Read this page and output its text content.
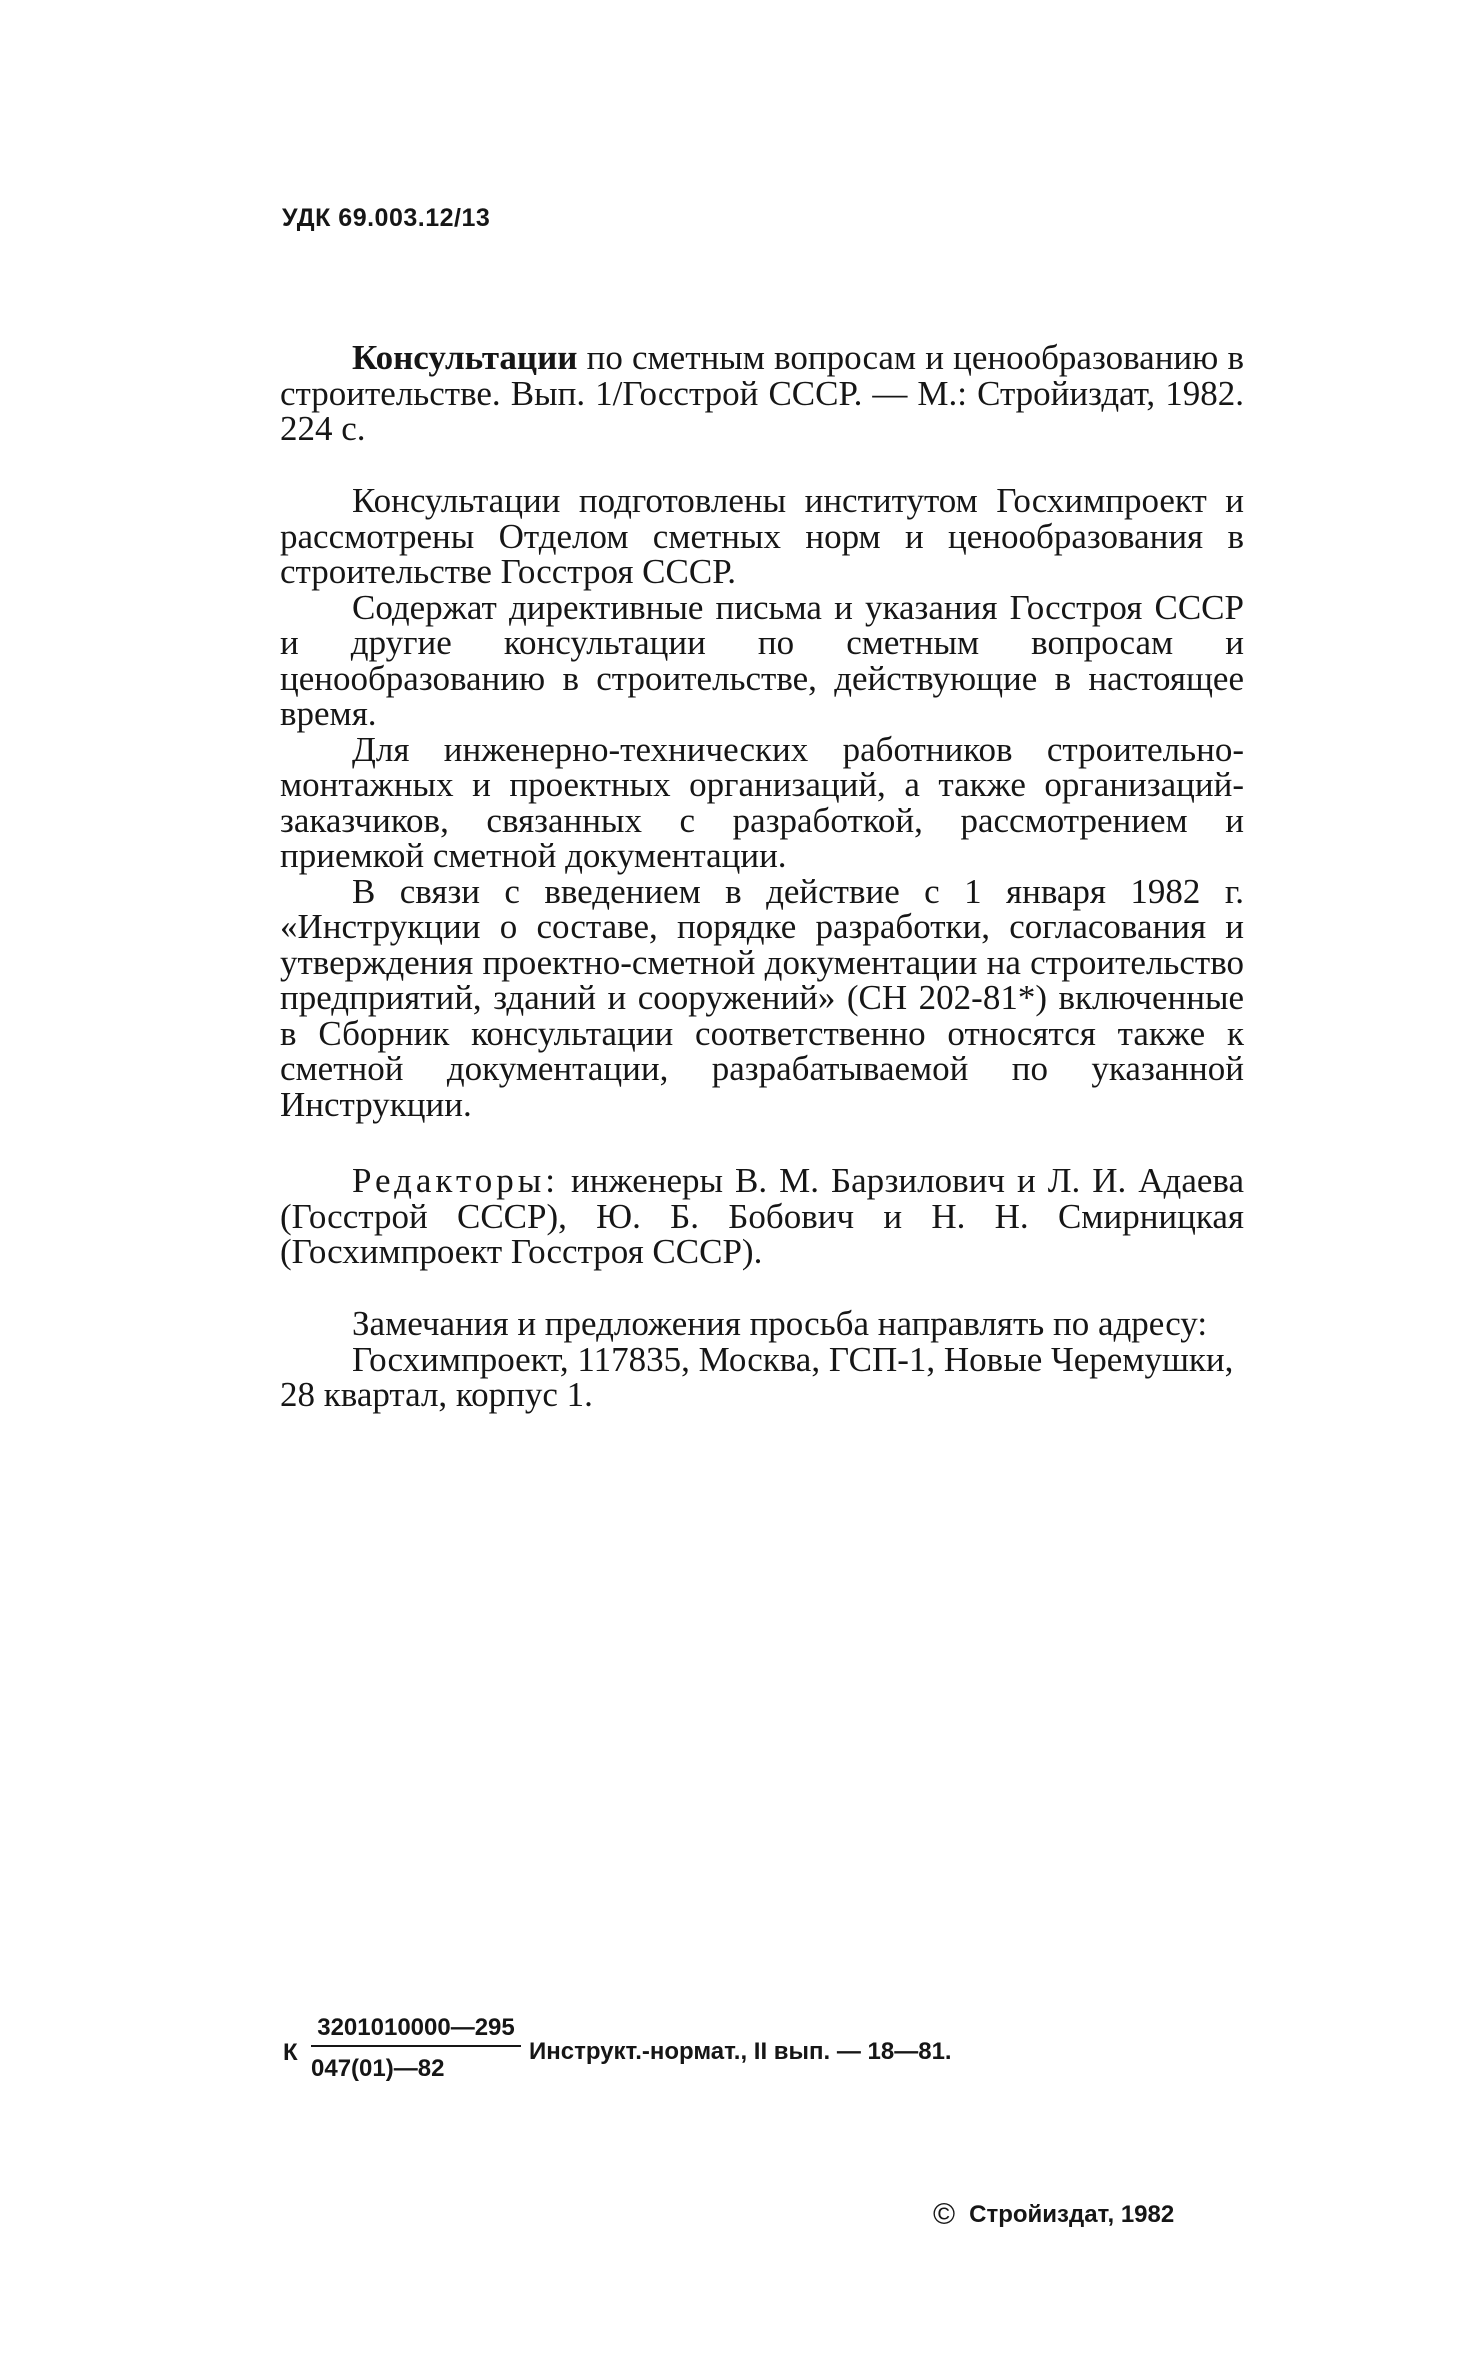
УДК 69.003.12/13

Консультации по сметным вопросам и ценообразованию в строительстве. Вып. 1/Госстрой СССР. — М.: Стройиздат, 1982. 224 с.

Консультации подготовлены институтом Госхимпроект и рассмотрены Отделом сметных норм и ценообразования в строительстве Госстроя СССР.

Содержат директивные письма и указания Госстроя СССР и другие консультации по сметным вопросам и ценообразованию в строительстве, действующие в настоящее время.

Для инженерно-технических работников строительно-монтажных и проектных организаций, а также организаций-заказчиков, связанных с разработкой, рассмотрением и приемкой сметной документации.

В связи с введением в действие с 1 января 1982 г. «Инструкции о составе, порядке разработки, согласования и утверждения проектно-сметной документации на строительство предприятий, зданий и сооружений» (СН 202-81*) включенные в Сборник консультации соответственно относятся также к сметной документации, разрабатываемой по указанной Инструкции.

Редакторы: инженеры В. М. Барзилович и Л. И. Адаева (Госстрой СССР), Ю. Б. Бобович и Н. Н. Смирницкая (Госхимпроект Госстроя СССР).

Замечания и предложения просьба направлять по адресу:

Госхимпроект, 117835, Москва, ГСП-1, Новые Черемушки, 28 квартал, корпус 1.

К $\frac{3201010000—295}{047(01)—82}$ Инструкт.-нормат., II вып. — 18—81.
© Стройиздат, 1982
